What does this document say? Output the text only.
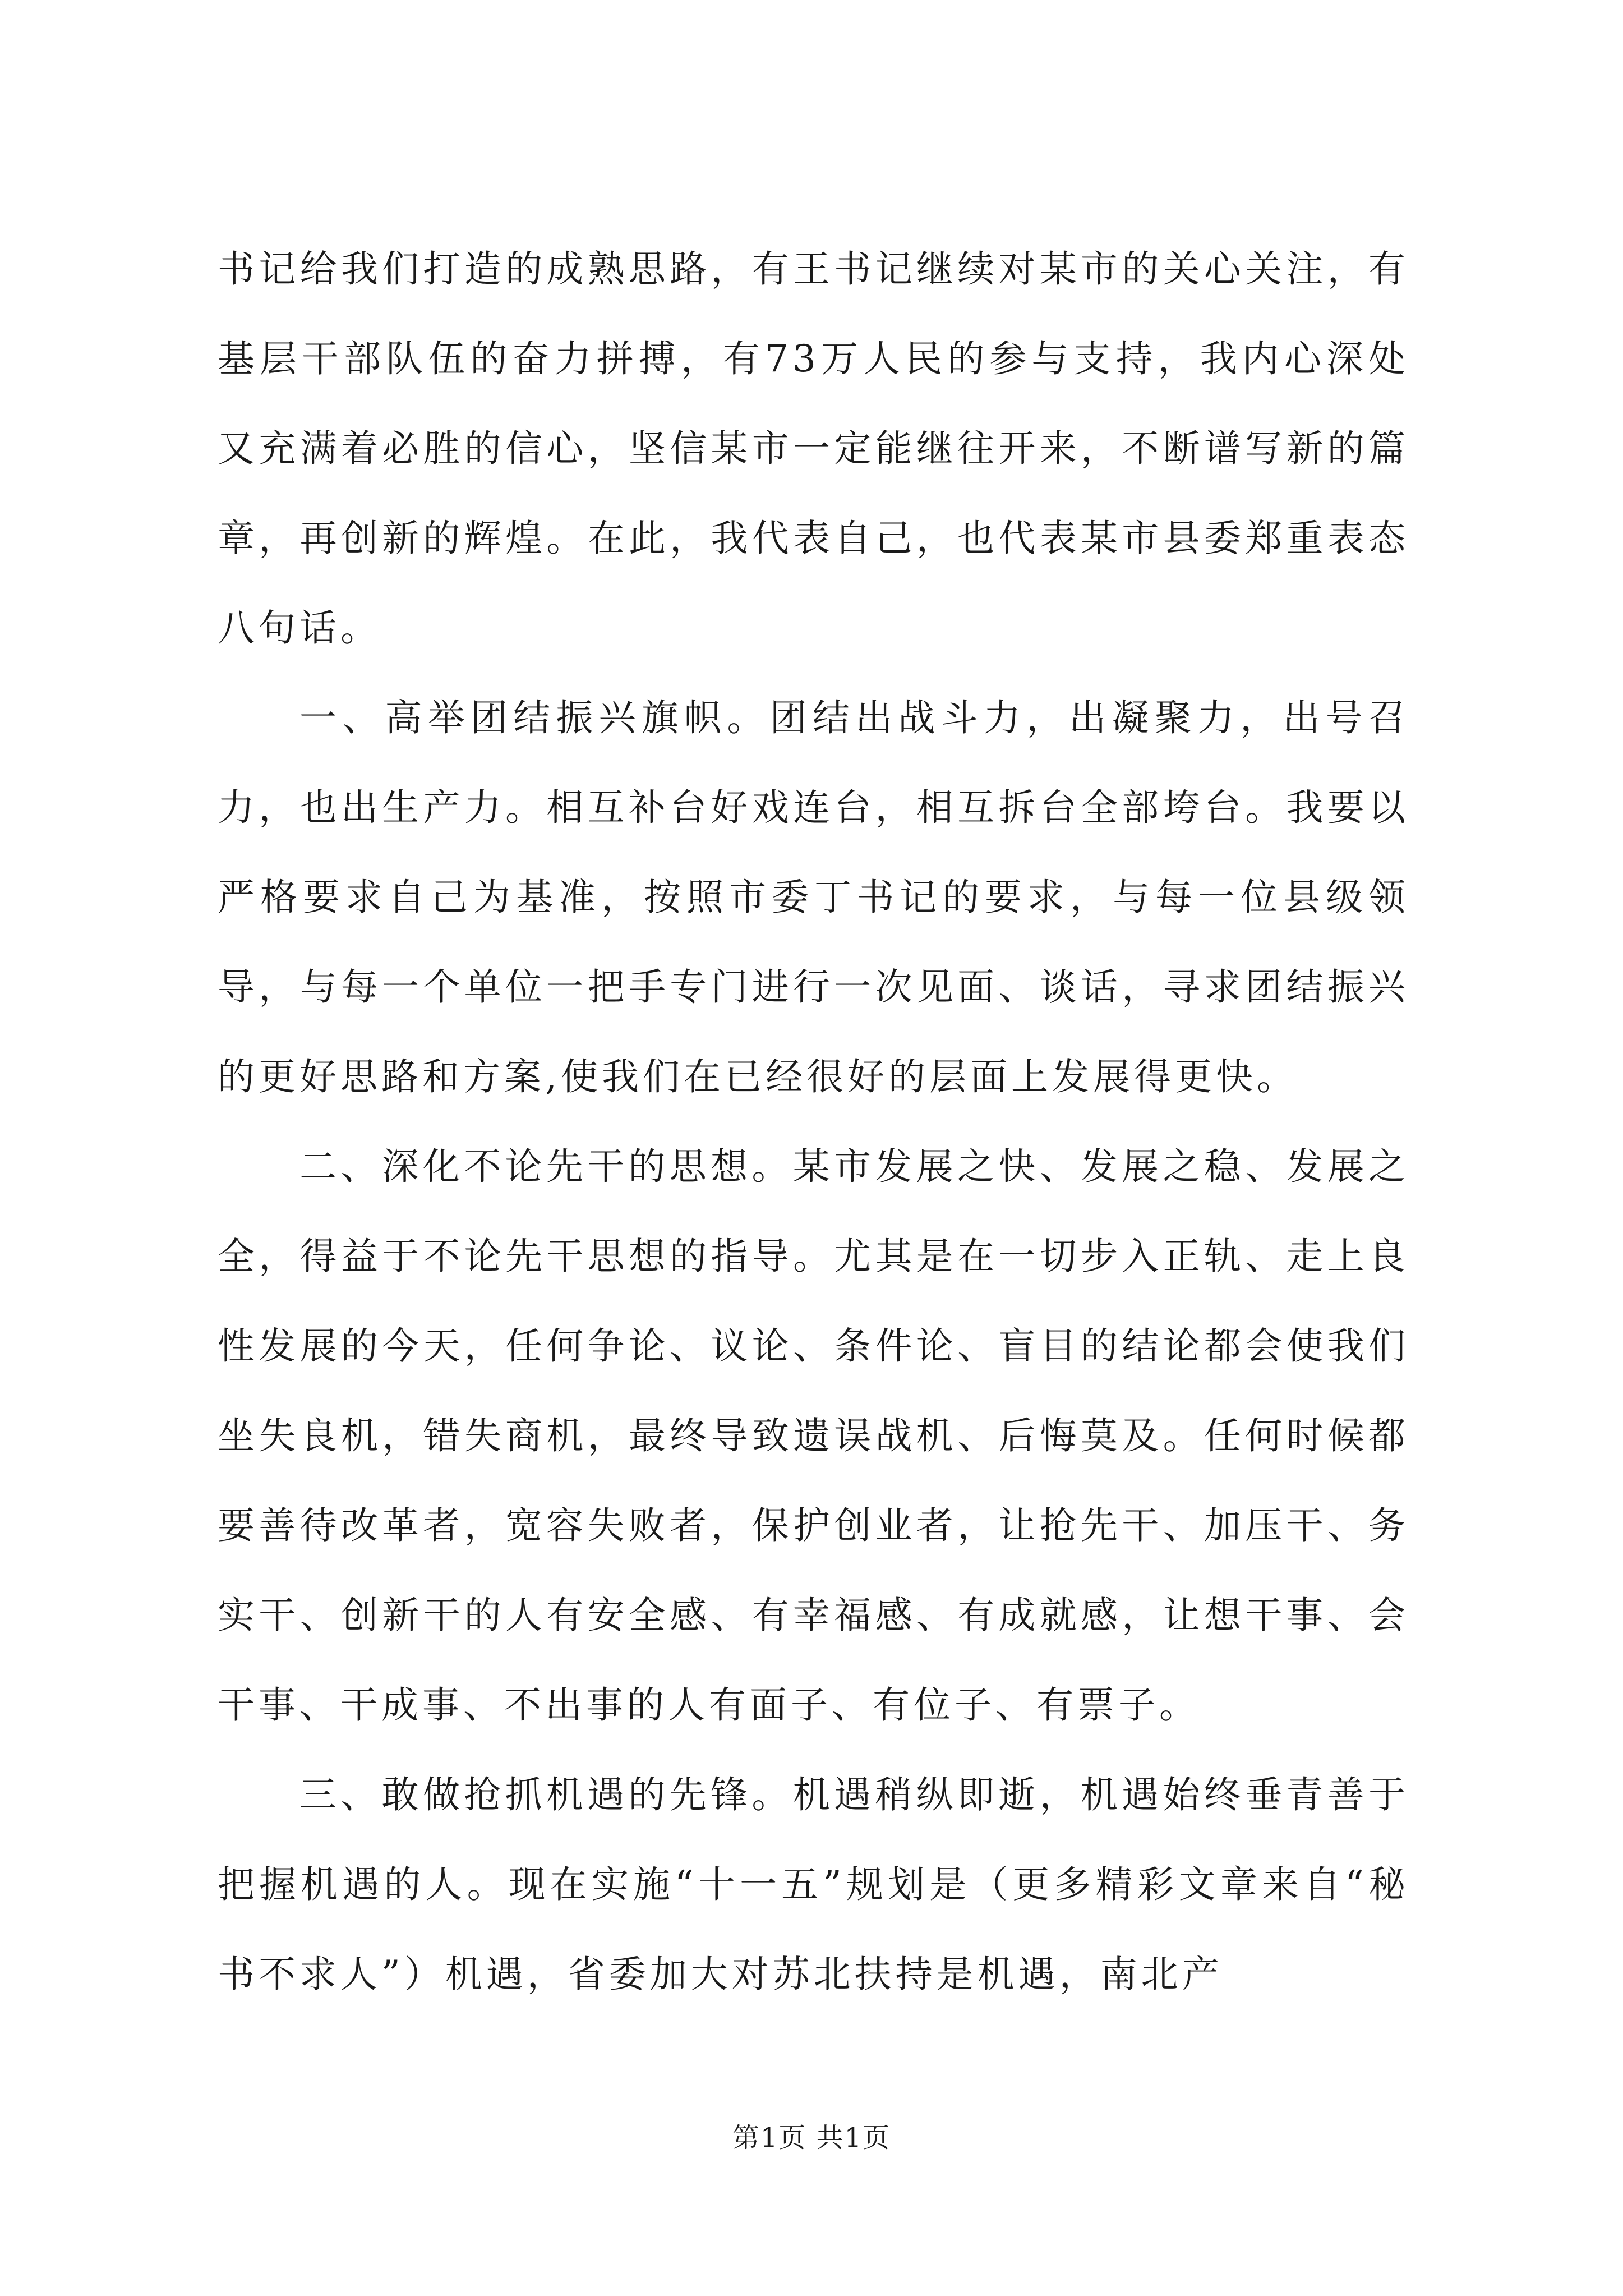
书记给我们打造的成熟思路，有王书记继续对某市的关心关注，有基层干部队伍的奋力拼搏，有73万人民的参与支持，我内心深处又充满着必胜的信心，坚信某市一定能继往开来，不断谱写新的篇章，再创新的辉煌。在此，我代表自己，也代表某市县委郑重表态八句话。

一、高举团结振兴旗帜。团结出战斗力，出凝聚力，出号召力，也出生产力。相互补台好戏连台，相互拆台全部垮台。我要以严格要求自己为基准，按照市委丁书记的要求，与每一位县级领导，与每一个单位一把手专门进行一次见面、谈话，寻求团结振兴的更好思路和方案,使我们在已经很好的层面上发展得更快。

二、深化不论先干的思想。某市发展之快、发展之稳、发展之全，得益于不论先干思想的指导。尤其是在一切步入正轨、走上良性发展的今天，任何争论、议论、条件论、盲目的结论都会使我们坐失良机，错失商机，最终导致遗误战机、后悔莫及。任何时候都要善待改革者，宽容失败者，保护创业者，让抢先干、加压干、务实干、创新干的人有安全感、有幸福感、有成就感，让想干事、会干事、干成事、不出事的人有面子、有位子、有票子。

三、敢做抢抓机遇的先锋。机遇稍纵即逝，机遇始终垂青善于把握机遇的人。现在实施“十一五”规划是（更多精彩文章来自“秘书不求人”）机遇，省委加大对苏北扶持是机遇，南北产

第1页 共1页
